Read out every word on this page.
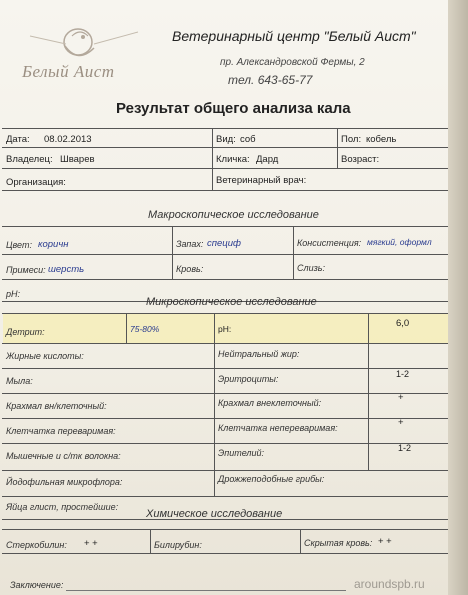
Белый Аист
Ветеринарный центр "Белый Аист"
пр. Александровской Фермы, 2
тел. 643-65-77
Результат общего анализа кала
Дата: 08.02.2013	Вид: соб	Пол: кобель
Владелец: Шварев	Кличка: Дард	Возраст:
Организация:	Ветеринарный врач:
Макроскопическое исследование
Цвет: коричн	Запах: специф	Консистенция: мягкий, оформл
Примеси: шерсть	Кровь:	Слизь:
pH:
Микроскопическое исследование
Детрит:	75-80%	pH:	6,0
Жирные кислоты:	Нейтральный жир:
Мыла:	Эритроциты:	1-2
Крахмал вн/клеточный:	Крахмал внеклеточный:	+
Клетчатка переваримая:	Клетчатка непереваримая:	+
Мышечные и с/тк волокна:	Эпителий:	1-2
Йодофильная микрофлора:	Дрожжеподобные грибы:
Яйца глист, простейшие:
Химическое исследование
Стеркобилин: + +	Билирубин:	Скрытая кровь: + +
Заключение:	aroundspb.ru
